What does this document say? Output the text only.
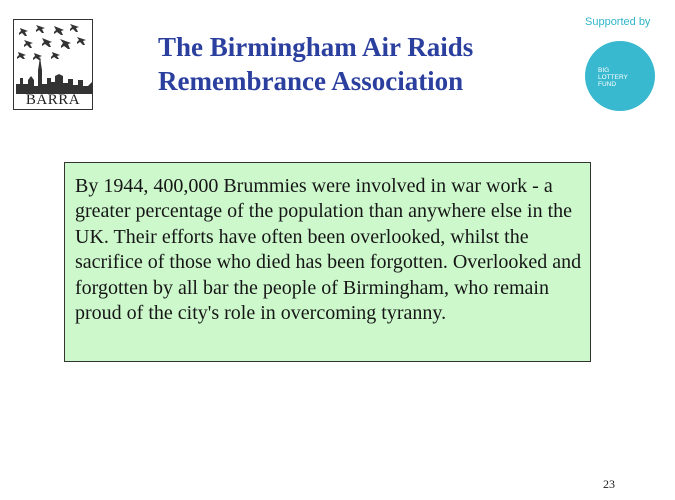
BARRA
The Birmingham Air Raids
Remembrance Association
Supported by
BIG
LOTTERY
FUND
By 1944, 400,000 Brummies were involved in war work - a greater percentage of the population than anywhere else in the UK. Their efforts have often been overlooked, whilst the sacrifice of those who died has been forgotten. Overlooked and forgotten by all bar the people of Birmingham, who remain proud of the city's role in overcoming tyranny.
23
